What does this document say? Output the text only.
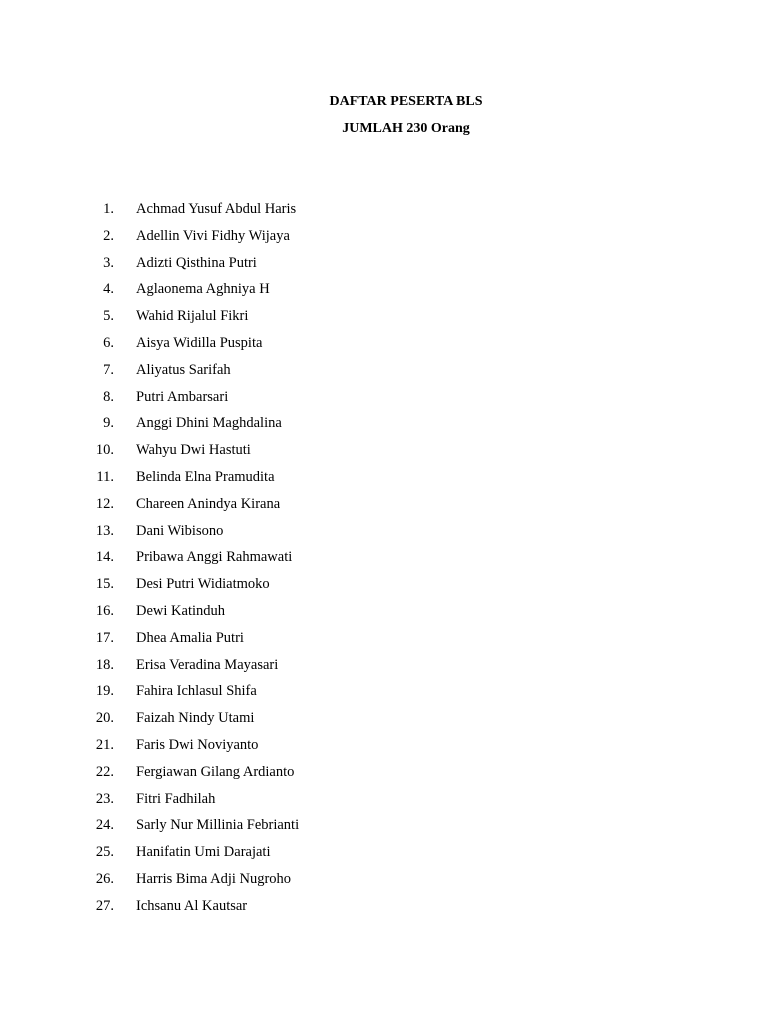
DAFTAR PESERTA BLS
JUMLAH 230 Orang
1. Achmad Yusuf Abdul Haris
2. Adellin Vivi Fidhy Wijaya
3. Adizti Qisthina Putri
4. Aglaonema Aghniya H
5. Wahid Rijalul Fikri
6. Aisya Widilla Puspita
7. Aliyatus Sarifah
8. Putri Ambarsari
9. Anggi Dhini Maghdalina
10. Wahyu Dwi Hastuti
11. Belinda Elna Pramudita
12. Chareen Anindya Kirana
13. Dani Wibisono
14. Pribawa Anggi Rahmawati
15. Desi Putri Widiatmoko
16. Dewi Katinduh
17. Dhea Amalia Putri
18. Erisa Veradina Mayasari
19. Fahira Ichlasul Shifa
20. Faizah Nindy Utami
21. Faris Dwi Noviyanto
22. Fergiawan Gilang Ardianto
23. Fitri Fadhilah
24. Sarly Nur Millinia Febrianti
25. Hanifatin Umi Darajati
26. Harris Bima Adji Nugroho
27. Ichsanu Al Kautsar
